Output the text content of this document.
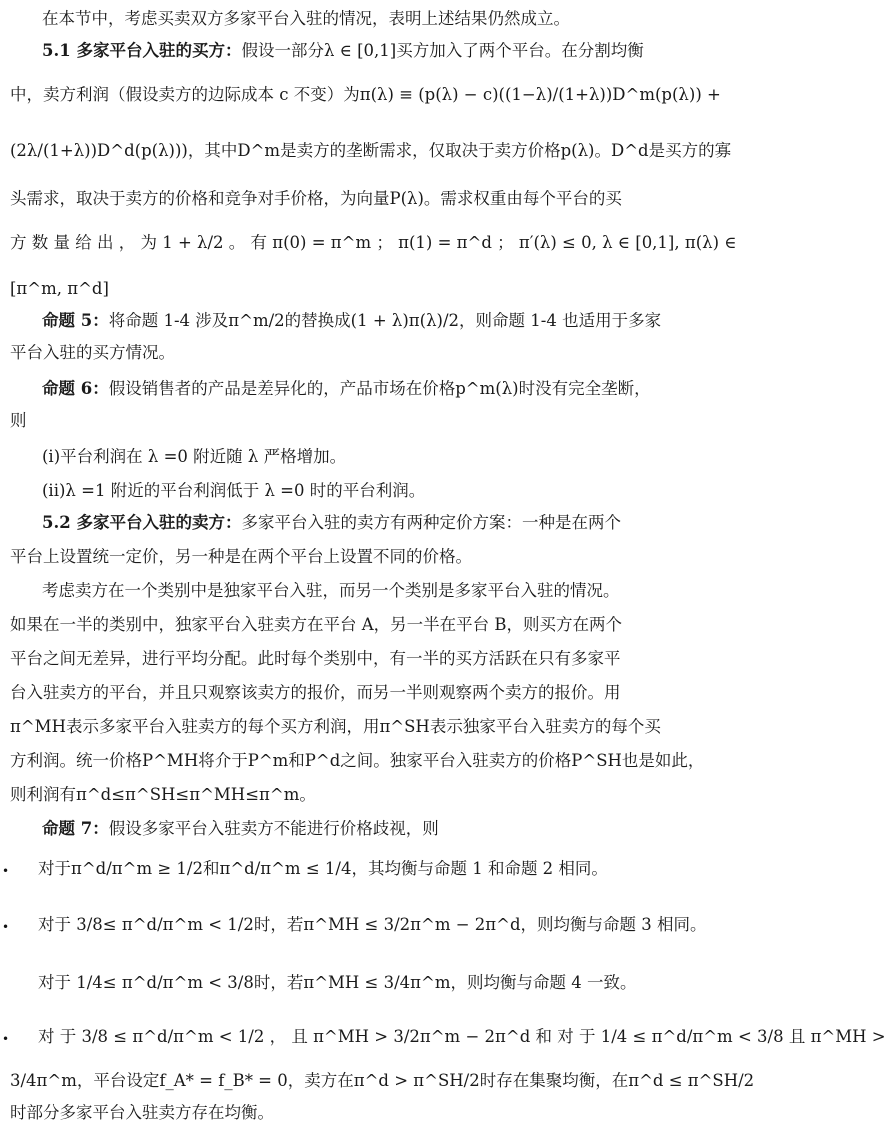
在本节中，考虑买卖双方多家平台入驻的情况，表明上述结果仍然成立。
5.1 多家平台入驻的买方：假设一部分λ ∈ [0,1]买方加入了两个平台。在分割均衡
中，卖方利润（假设卖方的边际成本 c 不变）为π(λ) ≡ (p(λ) − c)((1−λ)/(1+λ))D^m(p(λ)) +
(2λ/(1+λ))D^d(p(λ)))，其中D^m是卖方的垄断需求，仅取决于卖方价格p(λ)。D^d是买方的寡
头需求，取决于卖方的价格和竞争对手价格，为向量P(λ)。需求权重由每个平台的买
方 数 量 给 出 ， 为 1 + λ/2 。 有 π(0) = π^m ； π(1) = π^d ； π′(λ) ≤ 0, λ ∈ [0,1], π(λ) ∈
[π^m, π^d]
命题 5：将命题 1-4 涉及π^m/2的替换成(1 + λ)π(λ)/2，则命题 1-4 也适用于多家
平台入驻的买方情况。
命题 6：假设销售者的产品是差异化的，产品市场在价格p^m(λ)时没有完全垄断，
则
(i)平台利润在 λ =0 附近随 λ 严格增加。
(ii)λ =1 附近的平台利润低于 λ =0 时的平台利润。
5.2 多家平台入驻的卖方：多家平台入驻的卖方有两种定价方案：一种是在两个
平台上设置统一定价，另一种是在两个平台上设置不同的价格。
考虑卖方在一个类别中是独家平台入驻，而另一个类别是多家平台入驻的情况。
如果在一半的类别中，独家平台入驻卖方在平台 A，另一半在平台 B，则买方在两个
平台之间无差异，进行平均分配。此时每个类别中，有一半的买方活跃在只有多家平
台入驻卖方的平台，并且只观察该卖方的报价，而另一半则观察两个卖方的报价。用
π^MH表示多家平台入驻卖方的每个买方利润，用π^SH表示独家平台入驻卖方的每个买
方利润。统一价格P^MH将介于P^m和P^d之间。独家平台入驻卖方的价格P^SH也是如此，
则利润有π^d≤π^SH≤π^MH≤π^m。
命题 7：假设多家平台入驻卖方不能进行价格歧视，则
• 对于π^d/π^m ≥ 1/2和π^d/π^m ≤ 1/4，其均衡与命题 1 和命题 2 相同。
• 对于 3/8≤ π^d/π^m < 1/2时，若π^MH ≤ 3/2π^m − 2π^d，则均衡与命题 3 相同。
对于 1/4≤ π^d/π^m < 3/8时，若π^MH ≤ 3/4π^m，则均衡与命题 4 一致。
• 对 于 3/8 ≤ π^d/π^m < 1/2 ， 且 π^MH > 3/2π^m − 2π^d 和 对 于 1/4 ≤ π^d/π^m < 3/8 且 π^MH >
3/4π^m，平台设定f_A* = f_B* = 0，卖方在π^d > π^SH/2时存在集聚均衡，在π^d ≤ π^SH/2
时部分多家平台入驻卖方存在均衡。
